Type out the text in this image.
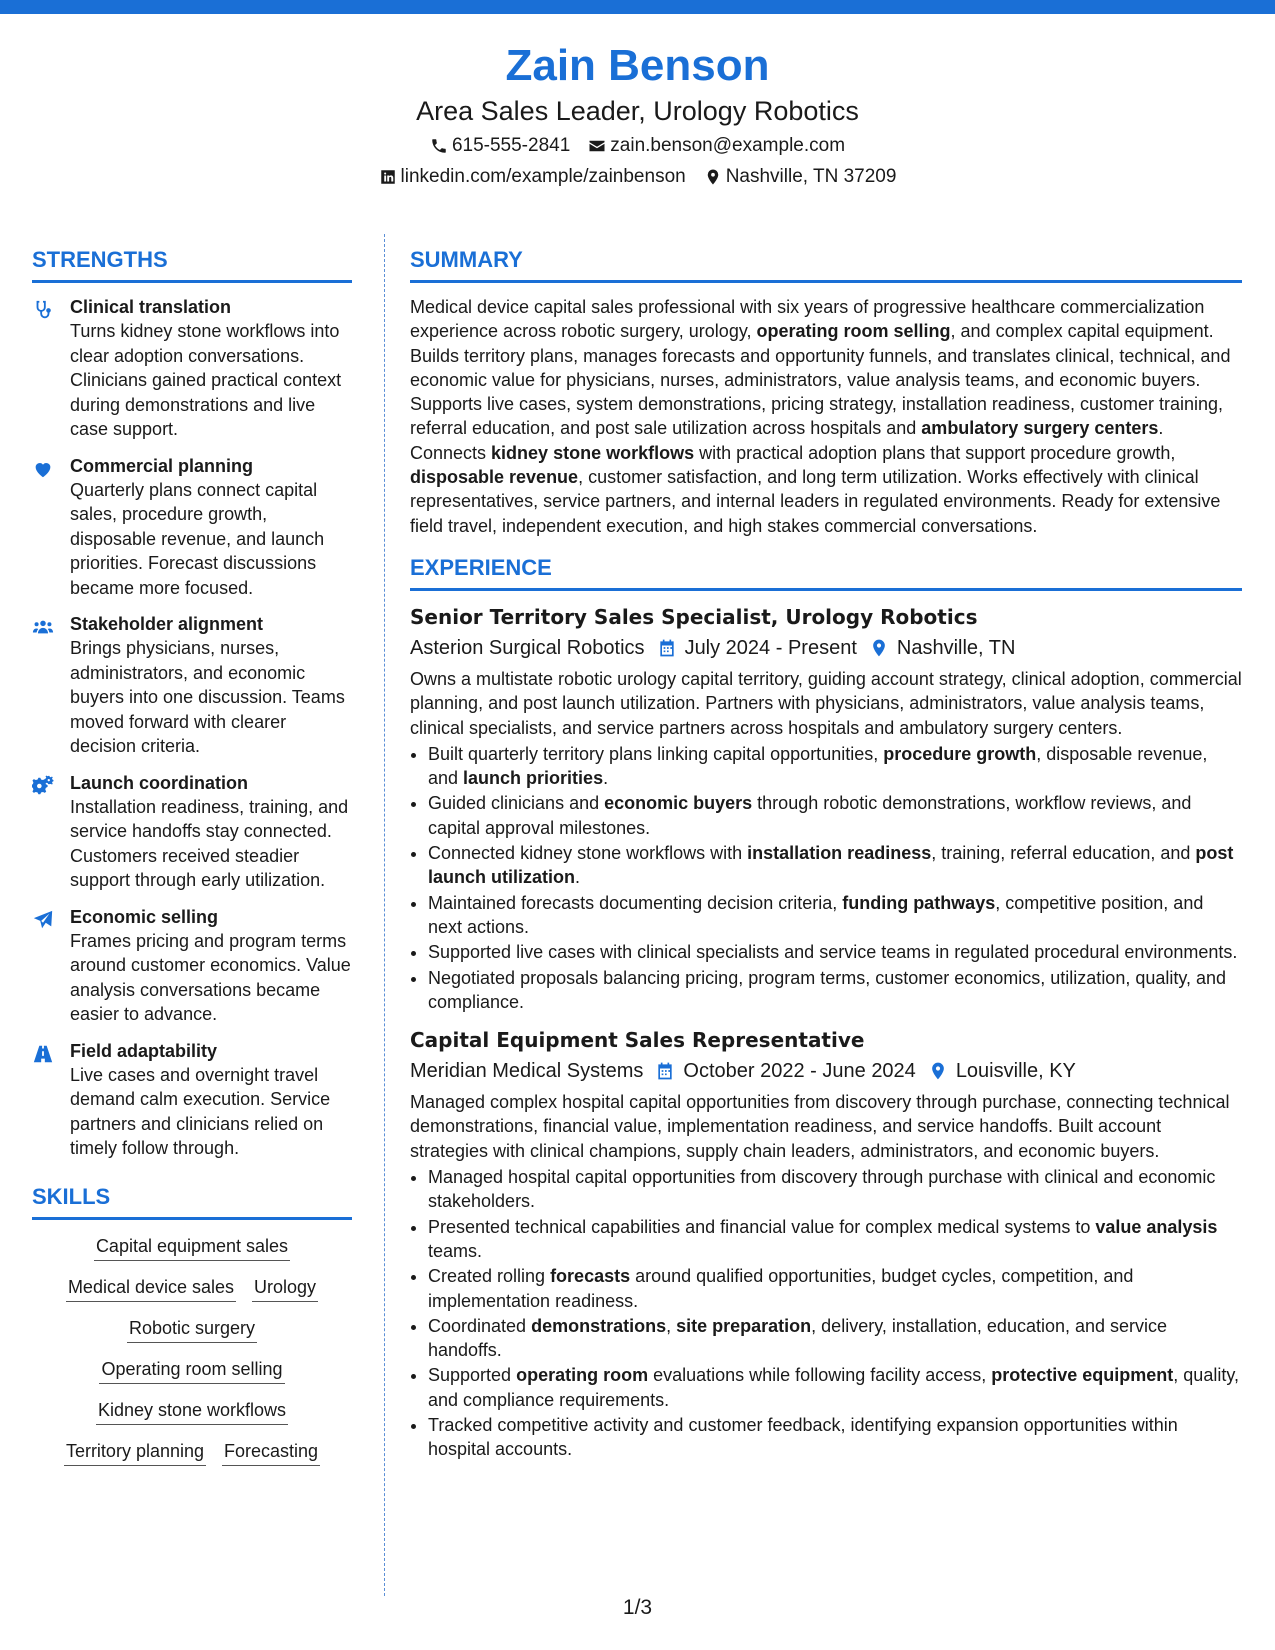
Zain Benson
Area Sales Leader, Urology Robotics
615-555-2841 zain.benson@example.com
linkedin.com/example/zainbenson Nashville, TN 37209
STRENGTHS
Clinical translation
Turns kidney stone workflows into clear adoption conversations. Clinicians gained practical context during demonstrations and live case support.
Commercial planning
Quarterly plans connect capital sales, procedure growth, disposable revenue, and launch priorities. Forecast discussions became more focused.
Stakeholder alignment
Brings physicians, nurses, administrators, and economic buyers into one discussion. Teams moved forward with clearer decision criteria.
Launch coordination
Installation readiness, training, and service handoffs stay connected. Customers received steadier support through early utilization.
Economic selling
Frames pricing and program terms around customer economics. Value analysis conversations became easier to advance.
Field adaptability
Live cases and overnight travel demand calm execution. Service partners and clinicians relied on timely follow through.
SKILLS
Capital equipment sales
Medical device sales Urology
Robotic surgery
Operating room selling
Kidney stone workflows
Territory planning Forecasting
SUMMARY
Medical device capital sales professional with six years of progressive healthcare commercialization experience across robotic surgery, urology, operating room selling, and complex capital equipment. Builds territory plans, manages forecasts and opportunity funnels, and translates clinical, technical, and economic value for physicians, nurses, administrators, value analysis teams, and economic buyers. Supports live cases, system demonstrations, pricing strategy, installation readiness, customer training, referral education, and post sale utilization across hospitals and ambulatory surgery centers. Connects kidney stone workflows with practical adoption plans that support procedure growth, disposable revenue, customer satisfaction, and long term utilization. Works effectively with clinical representatives, service partners, and internal leaders in regulated environments. Ready for extensive field travel, independent execution, and high stakes commercial conversations.
EXPERIENCE
Senior Territory Sales Specialist, Urology Robotics
Asterion Surgical Robotics July 2024 - Present Nashville, TN
Owns a multistate robotic urology capital territory, guiding account strategy, clinical adoption, commercial planning, and post launch utilization. Partners with physicians, administrators, value analysis teams, clinical specialists, and service partners across hospitals and ambulatory surgery centers.
• Built quarterly territory plans linking capital opportunities, procedure growth, disposable revenue, and launch priorities.
• Guided clinicians and economic buyers through robotic demonstrations, workflow reviews, and capital approval milestones.
• Connected kidney stone workflows with installation readiness, training, referral education, and post launch utilization.
• Maintained forecasts documenting decision criteria, funding pathways, competitive position, and next actions.
• Supported live cases with clinical specialists and service teams in regulated procedural environments.
• Negotiated proposals balancing pricing, program terms, customer economics, utilization, quality, and compliance.
Capital Equipment Sales Representative
Meridian Medical Systems October 2022 - June 2024 Louisville, KY
Managed complex hospital capital opportunities from discovery through purchase, connecting technical demonstrations, financial value, implementation readiness, and service handoffs. Built account strategies with clinical champions, supply chain leaders, administrators, and economic buyers.
• Managed hospital capital opportunities from discovery through purchase with clinical and economic stakeholders.
• Presented technical capabilities and financial value for complex medical systems to value analysis teams.
• Created rolling forecasts around qualified opportunities, budget cycles, competition, and implementation readiness.
• Coordinated demonstrations, site preparation, delivery, installation, education, and service handoffs.
• Supported operating room evaluations while following facility access, protective equipment, quality, and compliance requirements.
• Tracked competitive activity and customer feedback, identifying expansion opportunities within hospital accounts.
1/3
